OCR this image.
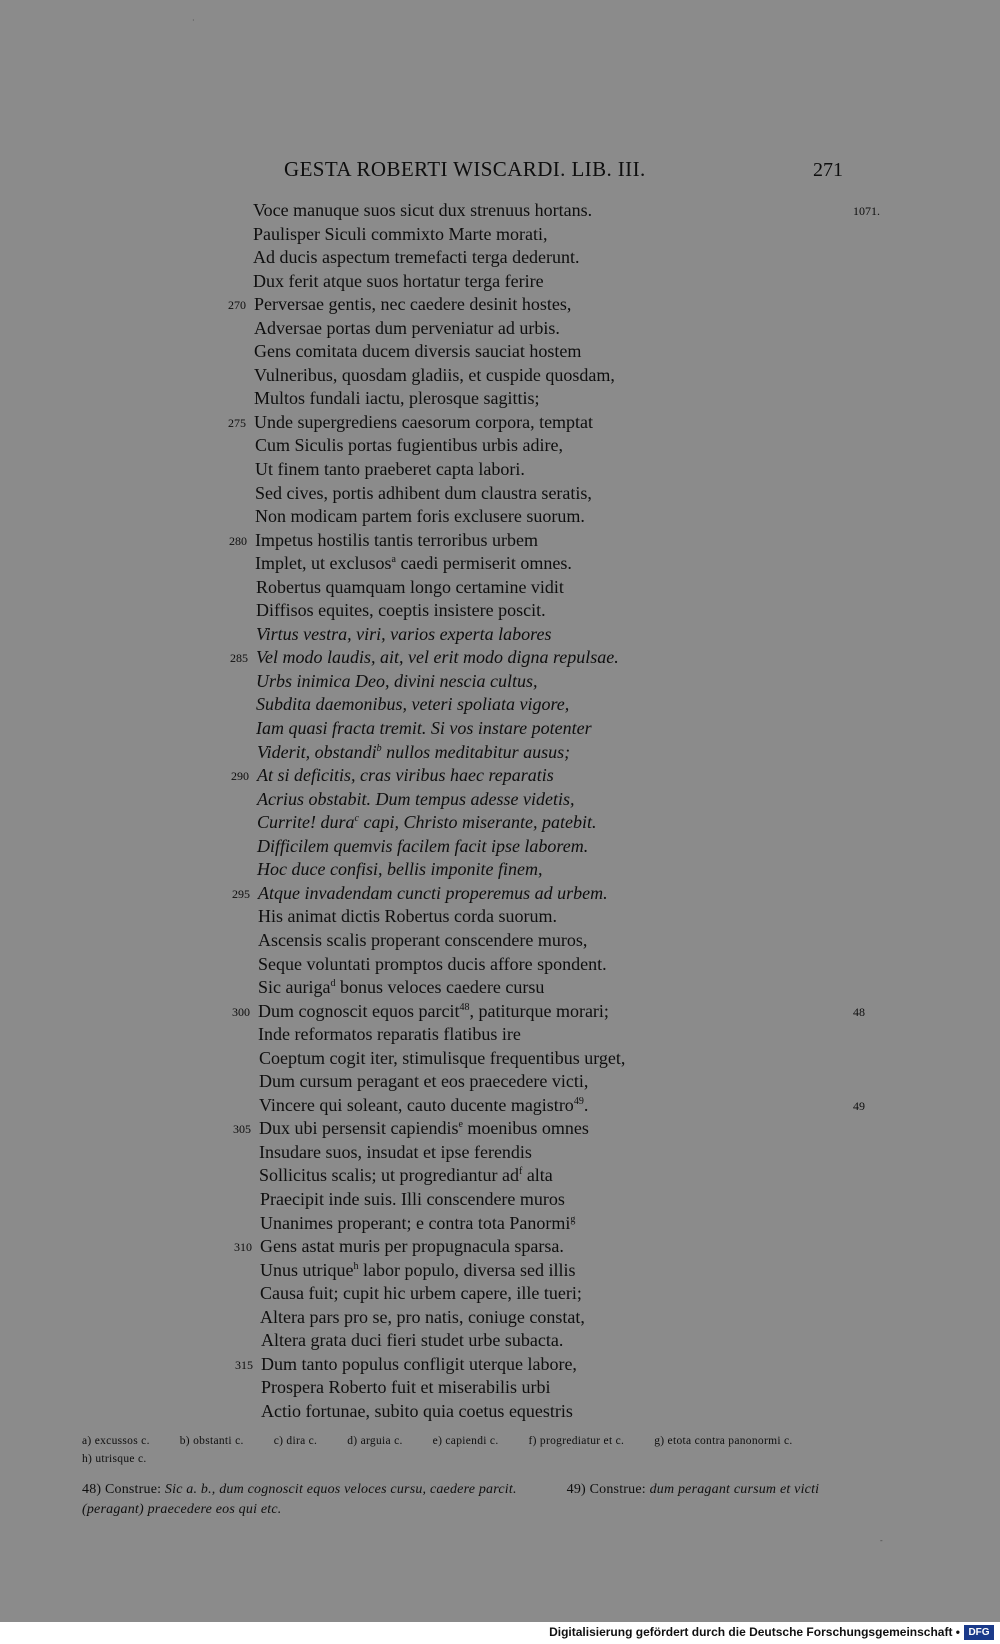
GESTA ROBERTI WISCARDI. LIB. III.	271
Voce manuque suos sicut dux strenuus hortans.	1071.
Paulisper Siculi commixto Marte morati,
Ad ducis aspectum tremefacti terga dederunt.
Dux ferit atque suos hortatur terga ferire
270 Perversae gentis, nec caedere desinit hostes,
Adversae portas dum perveniatur ad urbis.
Gens comitata ducem diversis sauciat hostem
Vulneribus, quosdam gladiis, et cuspide quosdam,
Multos fundali iactu, plerosque sagittis;
275 Unde supergrediens caesorum corpora, temptat
Cum Siculis portas fugientibus urbis adire,
Ut finem tanto praeberet capta labori.
Sed cives, portis adhibent dum claustra seratis,
Non modicam partem foris exclusere suorum.
280 Impetus hostilis tantis terroribus urbem
Implet, ut exclusos$^a$ caedi permiserit omnes.
Robertus quamquam longo certamine vidit
Diffisos equites, coeptis insistere poscit.
Virtus vestra, viri, varios experta labores
285 Vel modo laudis, ait, vel erit modo digna repulsae.
Urbs inimica Deo, divini nescia cultus,
Subdita daemonibus, veteri spoliata vigore,
Iam quasi fracta tremit. Si vos instare potenter
Viderit, obstandi$^b$ nullos meditabitur ausus;
290 At si deficitis, cras viribus haec reparatis
Acrius obstabit. Dum tempus adesse videtis,
Currite! dura$^c$ capi, Christo miserante, patebit.
Difficilem quemvis facilem facit ipse laborem.
Hoc duce confisi, bellis imponite finem,
295 Atque invadendam cuncti properemus ad urbem.
His animat dictis Robertus corda suorum.
Ascensis scalis properant conscendere muros,
Seque voluntati promptos ducis affore spondent.
Sic auriga$^d$ bonus veloces caedere cursu
300 Dum cognoscit equos parcit$^{48}$, patiturque morari;	48
Inde reformatos reparatis flatibus ire
Coeptum cogit iter, stimulisque frequentibus urget,
Dum cursum peragant et eos praecedere victi,
Vincere qui soleant, cauto ducente magistro$^{49}$.	49
305 Dux ubi persensit capiendis$^e$ moenibus omnes
Insudare suos, insudat et ipse ferendis
Sollicitus scalis; ut progrediantur $ad^f$ alta
Praecipit inde suis. Illi conscendere muros
Unanimes properant; e contra tota Panormi$^g$
310 Gens astat muris per propugnacula sparsa.
Unus utrique$^h$ labor populo, diversa sed illis
Causa fuit; cupit hic urbem capere, ille tueri;
Altera pars pro se, pro natis, coniuge constat,
Altera grata duci fieri studet urbe subacta.
315 Dum tanto populus confligit uterque labore,
Prospera Roberto fuit et miserabilis urbi
Actio fortunae, subito quia coetus equestris
a) excussos c.	b) obstanti c.	c) dira c.	d) arguia c.	e) capiendi c.	f) progrediatur et c.	g) etota contra panonormi c.h) utrisque c.
48) Construe: Sic a. b., dum cognoscit equos veloces cursu, caedere parcit.	49) Construe: dum peragant cursum et victi (peragant) praecedere eos qui etc.
·
-
Digitalisierung gefördert durch die Deutsche Forschungsgemeinschaft • DFG
